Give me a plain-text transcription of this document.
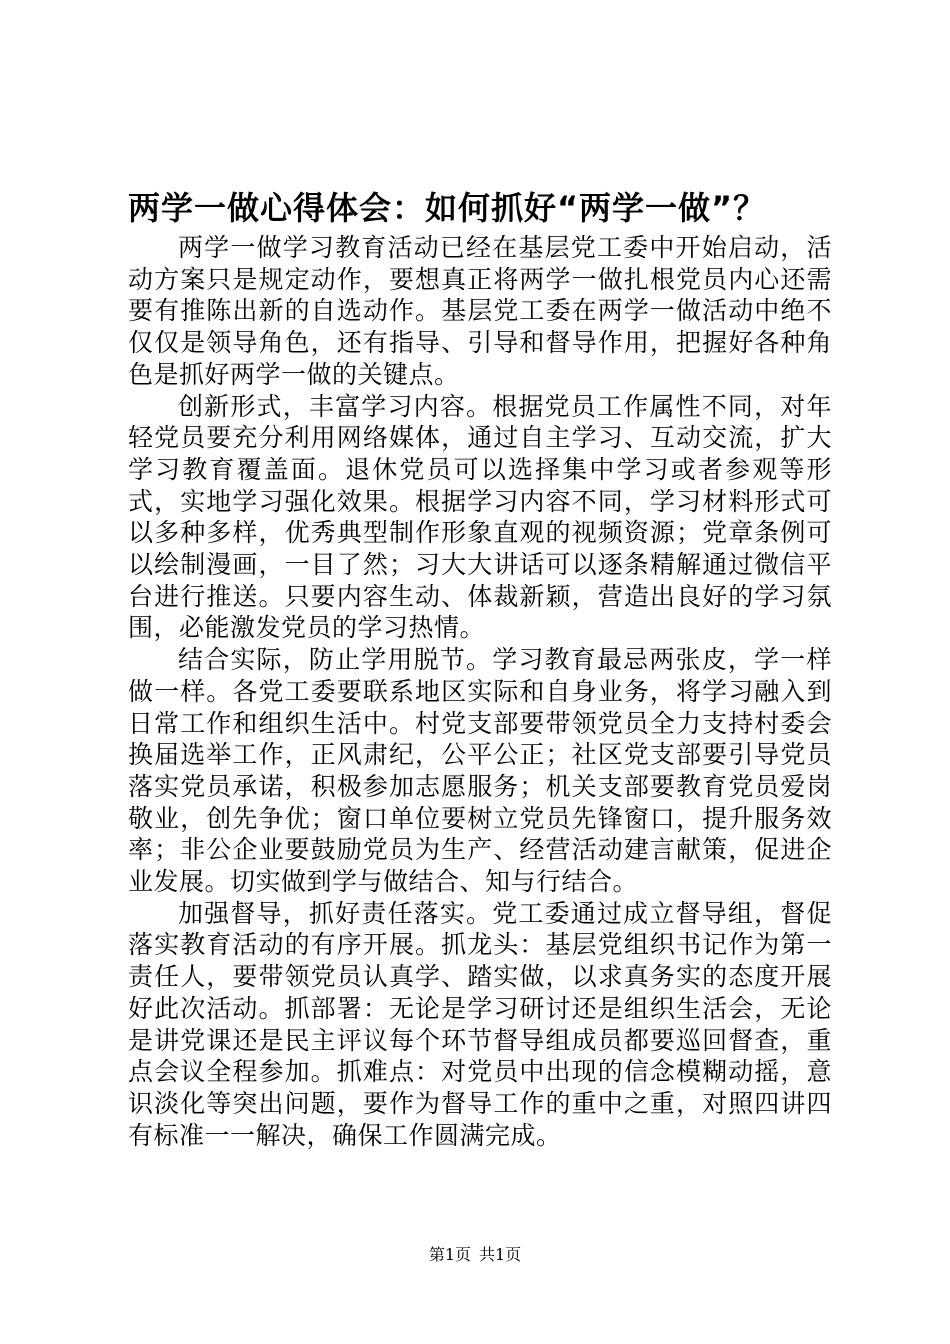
两学一做心得体会：如何抓好“两学一做”？

两学一做学习教育活动已经在基层党工委中开始启动，活动方案只是规定动作，要想真正将两学一做扎根党员内心还需要有推陈出新的自选动作。基层党工委在两学一做活动中绝不仅仅是领导角色，还有指导、引导和督导作用，把握好各种角色是抓好两学一做的关键点。

创新形式，丰富学习内容。根据党员工作属性不同，对年轻党员要充分利用网络媒体，通过自主学习、互动交流，扩大学习教育覆盖面。退休党员可以选择集中学习或者参观等形式，实地学习强化效果。根据学习内容不同，学习材料形式可以多种多样，优秀典型制作形象直观的视频资源；党章条例可以绘制漫画，一目了然；习大大讲话可以逐条精解通过微信平台进行推送。只要内容生动、体裁新颖，营造出良好的学习氛围，必能激发党员的学习热情。

结合实际，防止学用脱节。学习教育最忌两张皮，学一样做一样。各党工委要联系地区实际和自身业务，将学习融入到日常工作和组织生活中。村党支部要带领党员全力支持村委会换届选举工作，正风肃纪，公平公正；社区党支部要引导党员落实党员承诺，积极参加志愿服务；机关支部要教育党员爱岗敬业，创先争优；窗口单位要树立党员先锋窗口，提升服务效率；非公企业要鼓励党员为生产、经营活动建言献策，促进企业发展。切实做到学与做结合、知与行结合。

加强督导，抓好责任落实。党工委通过成立督导组，督促落实教育活动的有序开展。抓龙头：基层党组织书记作为第一责任人，要带领党员认真学、踏实做，以求真务实的态度开展好此次活动。抓部署：无论是学习研讨还是组织生活会，无论是讲党课还是民主评议每个环节督导组成员都要巡回督查，重点会议全程参加。抓难点：对党员中出现的信念模糊动摇，意识淡化等突出问题，要作为督导工作的重中之重，对照四讲四有标准一一解决，确保工作圆满完成。

第1页 共1页
